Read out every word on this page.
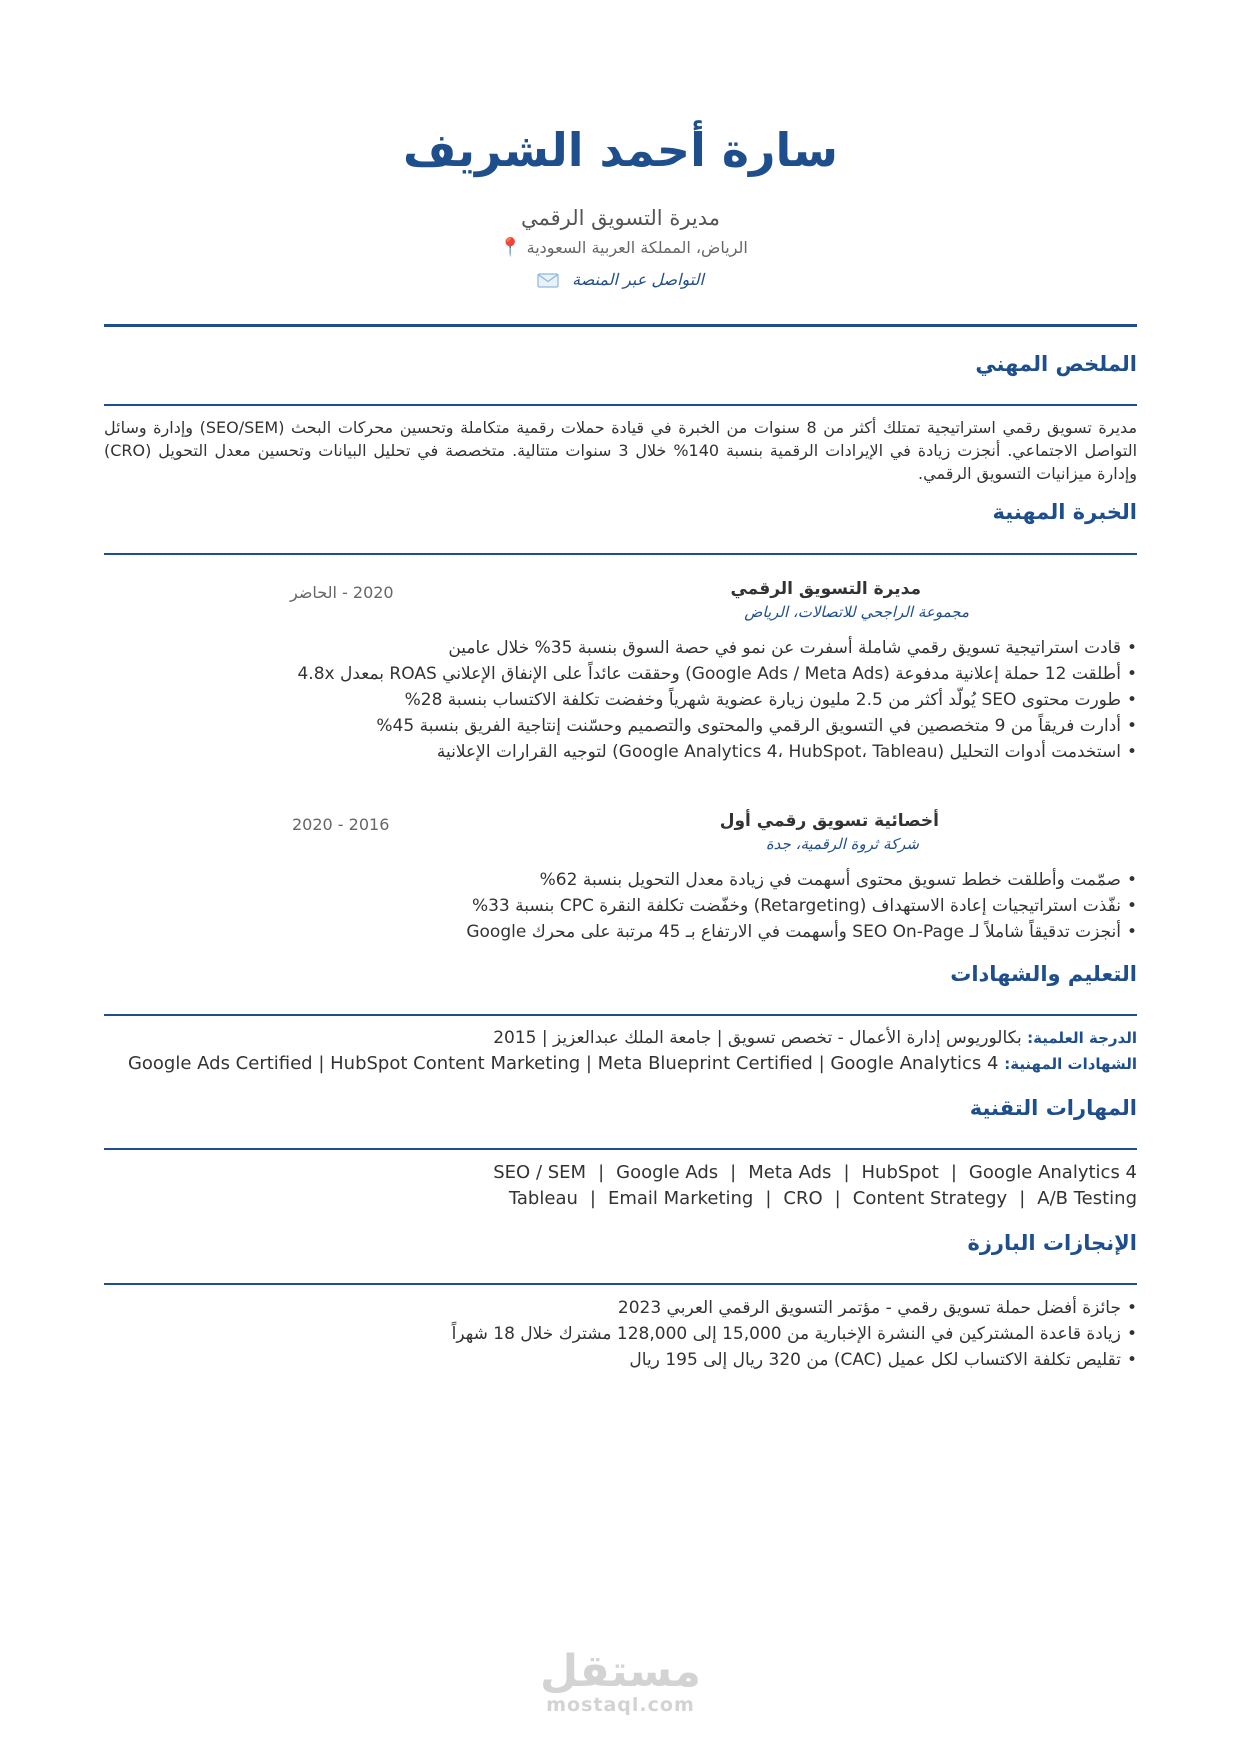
سارة أحمد الشريف
مديرة التسويق الرقمي
الرياض، المملكة العربية السعودية 📍
التواصل عبر المنصة
الملخص المهني

مديرة تسويق رقمي استراتيجية تمتلك أكثر من 8 سنوات من الخبرة في قيادة حملات رقمية متكاملة وتحسين محركات البحث (SEO/SEM) وإدارة وسائل التواصل الاجتماعي. أنجزت زيادة في الإيرادات الرقمية بنسبة 140% خلال 3 سنوات متتالية. متخصصة في تحليل البيانات وتحسين معدل التحويل (CRO) وإدارة ميزانيات التسويق الرقمي.

الخبرة المهنية
مديرة التسويق الرقمي
مجموعة الراجحي للاتصالات، الرياض
2020 - الحاضر
• قادت استراتيجية تسويق رقمي شاملة أسفرت عن نمو في حصة السوق بنسبة 35% خلال عامين
• أطلقت 12 حملة إعلانية مدفوعة (Google Ads / Meta Ads) وحققت عائداً على الإنفاق الإعلاني ROAS بمعدل 4.8x
• طورت محتوى SEO يُولّد أكثر من 2.5 مليون زيارة عضوية شهرياً وخفضت تكلفة الاكتساب بنسبة 28%
• أدارت فريقاً من 9 متخصصين في التسويق الرقمي والمحتوى والتصميم وحسّنت إنتاجية الفريق بنسبة 45%
• استخدمت أدوات التحليل (Google Analytics 4، HubSpot، Tableau) لتوجيه القرارات الإعلانية
أخصائية تسويق رقمي أول
شركة ثروة الرقمية، جدة
2016 - 2020
• صمّمت وأطلقت خطط تسويق محتوى أسهمت في زيادة معدل التحويل بنسبة 62%
• نفّذت استراتيجيات إعادة الاستهداف (Retargeting) وخفّضت تكلفة النقرة CPC بنسبة 33%
• أنجزت تدقيقاً شاملاً لـ SEO On-Page وأسهمت في الارتفاع بـ 45 مرتبة على محرك Google
التعليم والشهادات
الدرجة العلمية: بكالوريوس إدارة الأعمال - تخصص تسويق | جامعة الملك عبدالعزيز | 2015
الشهادات المهنية: Google Ads Certified | HubSpot Content Marketing | Meta Blueprint Certified | Google Analytics 4
المهارات التقنية
SEO / SEM | Google Ads | Meta Ads | HubSpot | Google Analytics 4
Tableau | Email Marketing | CRO | Content Strategy | A/B Testing
الإنجازات البارزة
• جائزة أفضل حملة تسويق رقمي - مؤتمر التسويق الرقمي العربي 2023
• زيادة قاعدة المشتركين في النشرة الإخبارية من 15,000 إلى 128,000 مشترك خلال 18 شهراً
• تقليص تكلفة الاكتساب لكل عميل (CAC) من 320 ريال إلى 195 ريال
مستقل
mostaql.com
